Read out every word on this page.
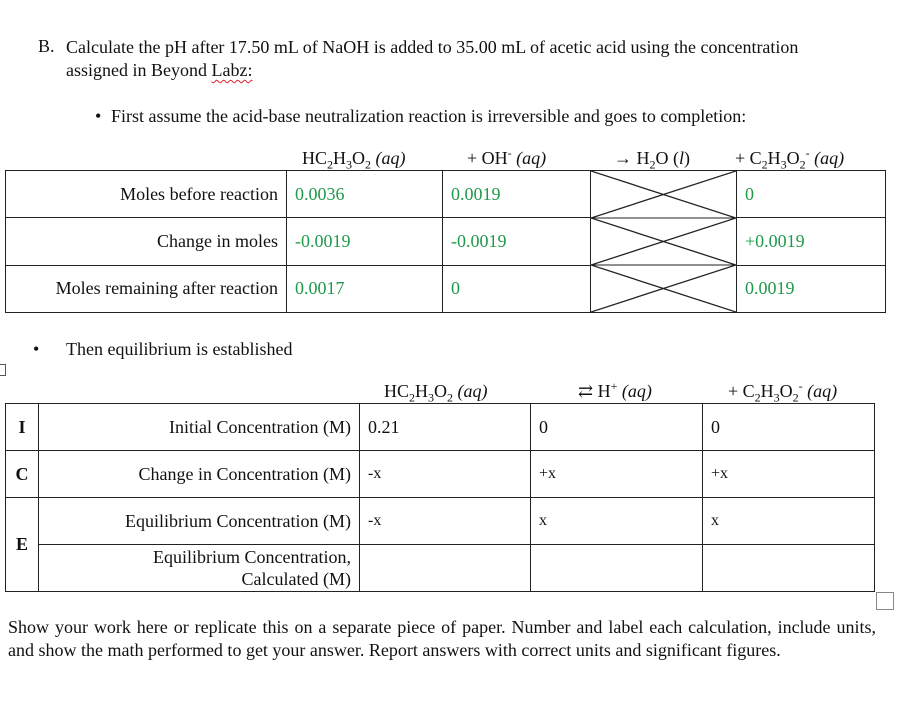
B. Calculate the pH after 17.50 mL of NaOH is added to 35.00 mL of acetic acid using the concentration
assigned in Beyond Labz:
• First assume the acid-base neutralization reaction is irreversible and goes to completion:
$HC_2H_3O_2$ (aq)	+ OH- (aq)	→ $H_2O$ $(l) + C_2H_3O_2^-$ (aq)
Moles before reaction	0.0036	0.0019		0
Change in moles	-0.0019	-0.0019		+0.0019
Moles remaining after reaction	0.0017	0		0.0019
• Then equilibrium is established
$HC_2H_3O_2$ (aq)	⇄ H+ (aq)	+ $C_2H_3O_2^-$ (aq)
I	Initial Concentration (M)	0.21	0	0
C	Change in Concentration (M)	-x	+x	+x
E	Equilibrium Concentration (M)	-x	x	x
	Equilibrium Concentration,
Calculated (M)			
Show your work here or replicate this on a separate piece of paper. Number and label each calculation, include units, and show the math performed to get your answer. Report answers with correct units and significant figures.
